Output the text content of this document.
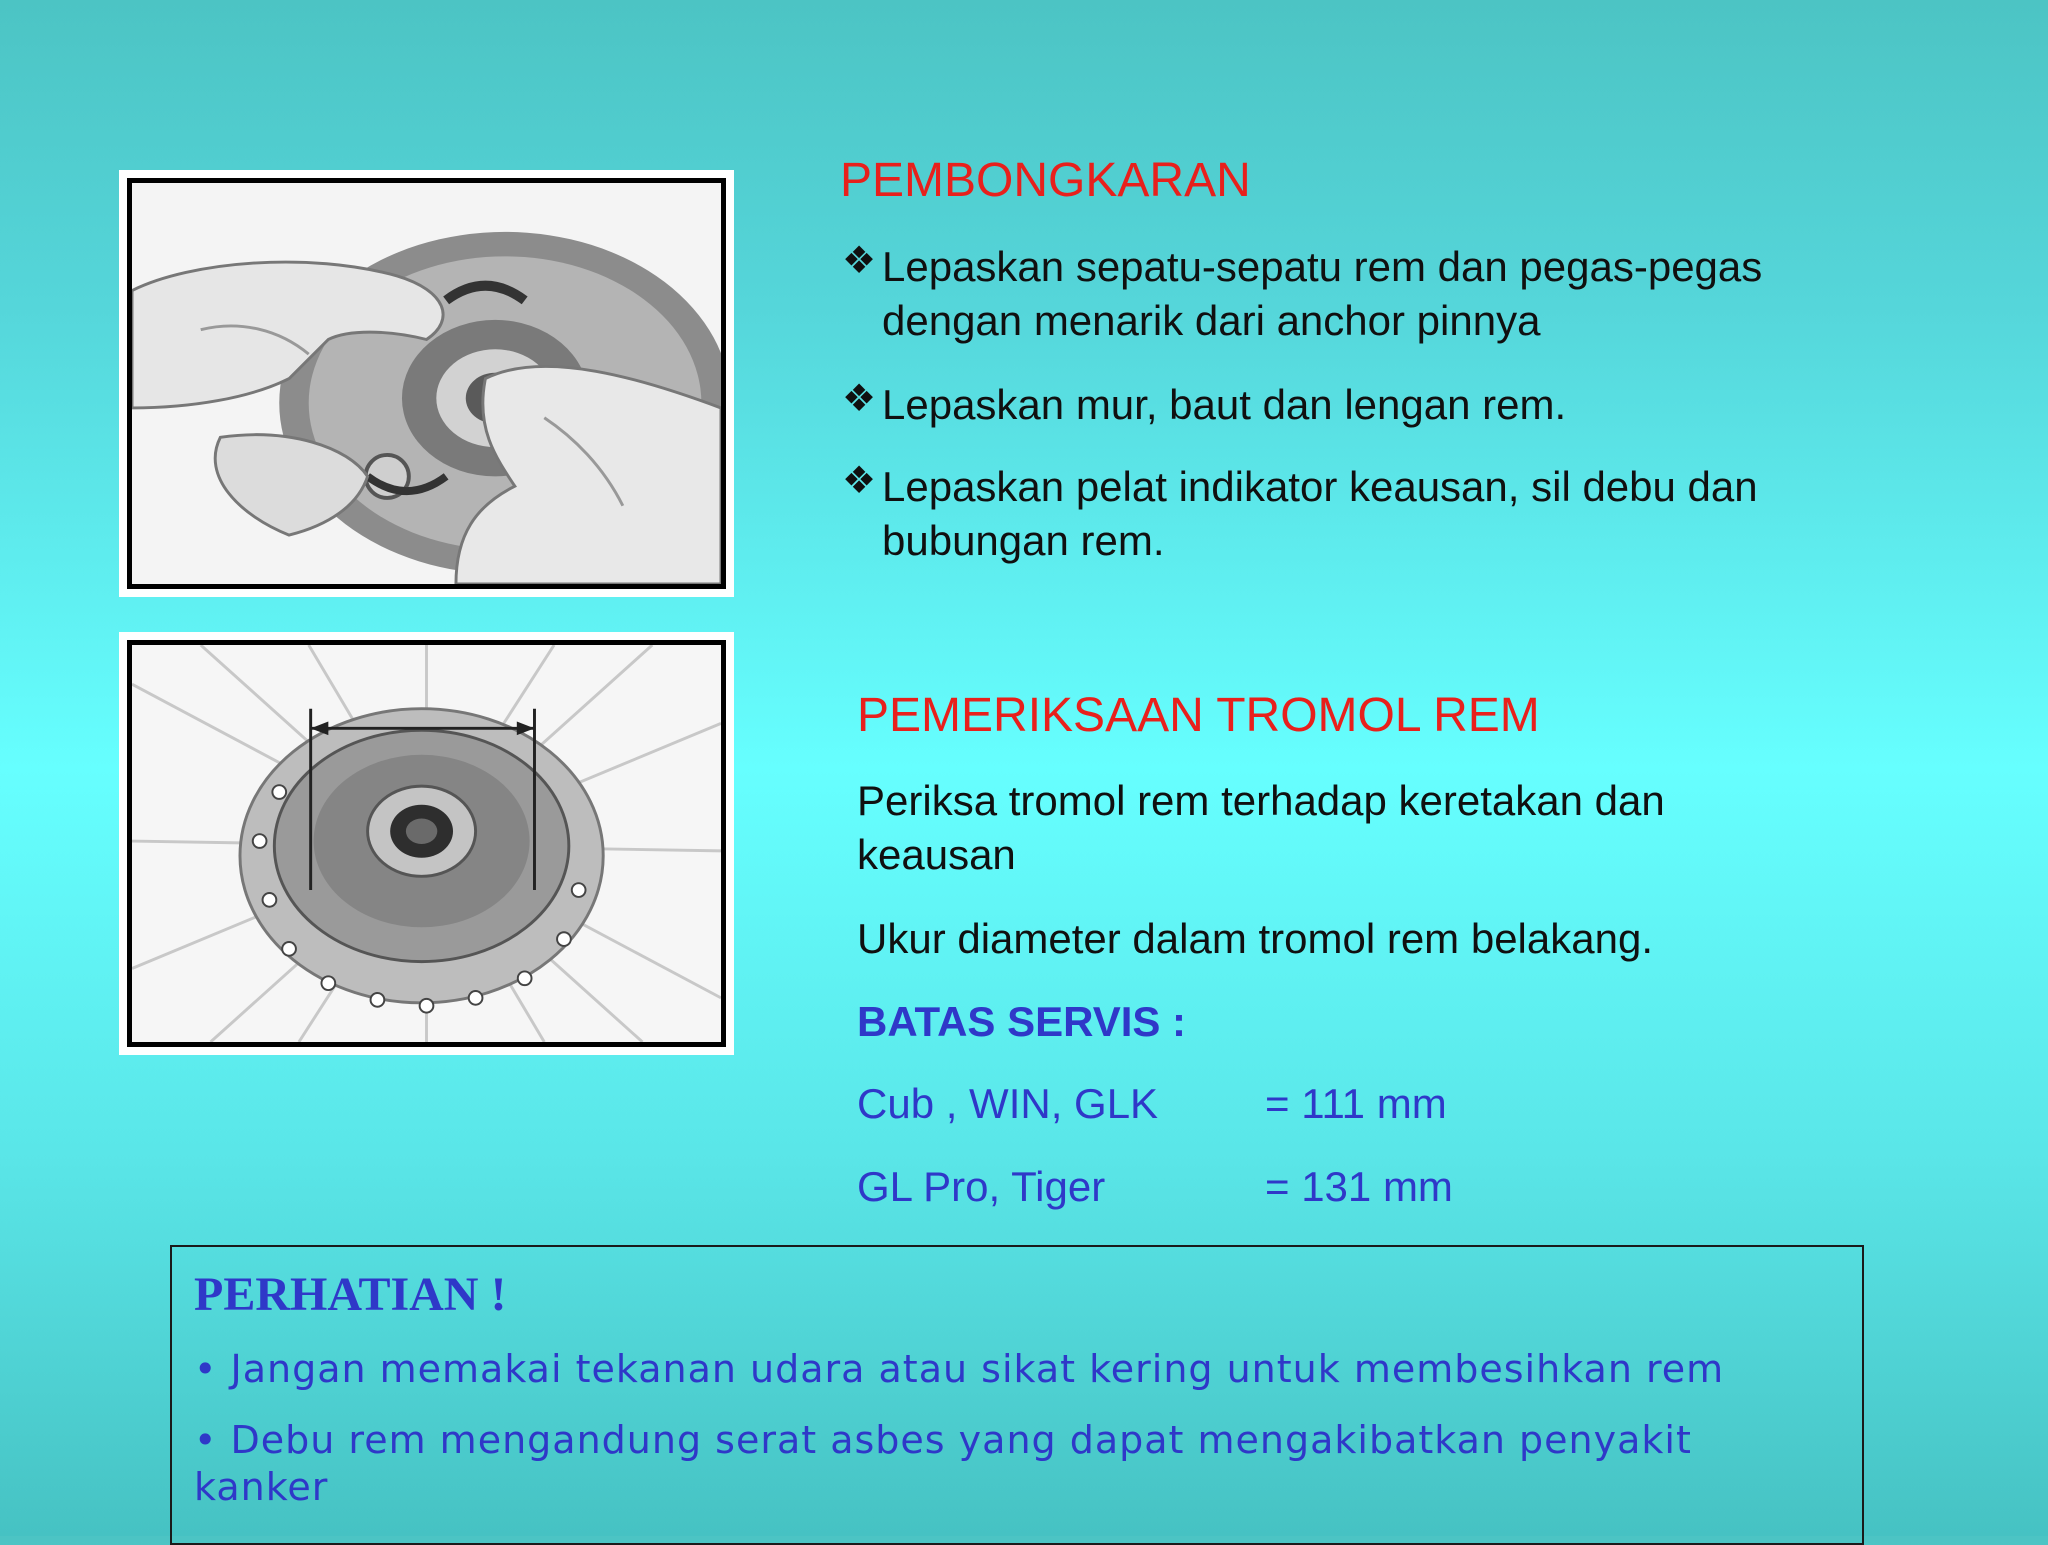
PEMBONGKARAN
❖ Lepaskan sepatu-sepatu rem dan pegas-pegas dengan menarik dari anchor pinnya
❖ Lepaskan mur, baut dan lengan rem.
❖ Lepaskan pelat indikator keausan, sil debu dan bubungan rem.
PEMERIKSAAN TROMOL REM
Periksa tromol rem terhadap keretakan dan keausan
Ukur diameter dalam tromol rem belakang.
BATAS SERVIS :
Cub , WIN, GLK	= 111 mm
GL Pro, Tiger	= 131 mm
PERHATIAN !
• Jangan memakai tekanan udara atau sikat kering untuk membesihkan rem
• Debu rem mengandung serat asbes yang dapat mengakibatkan penyakit kanker
